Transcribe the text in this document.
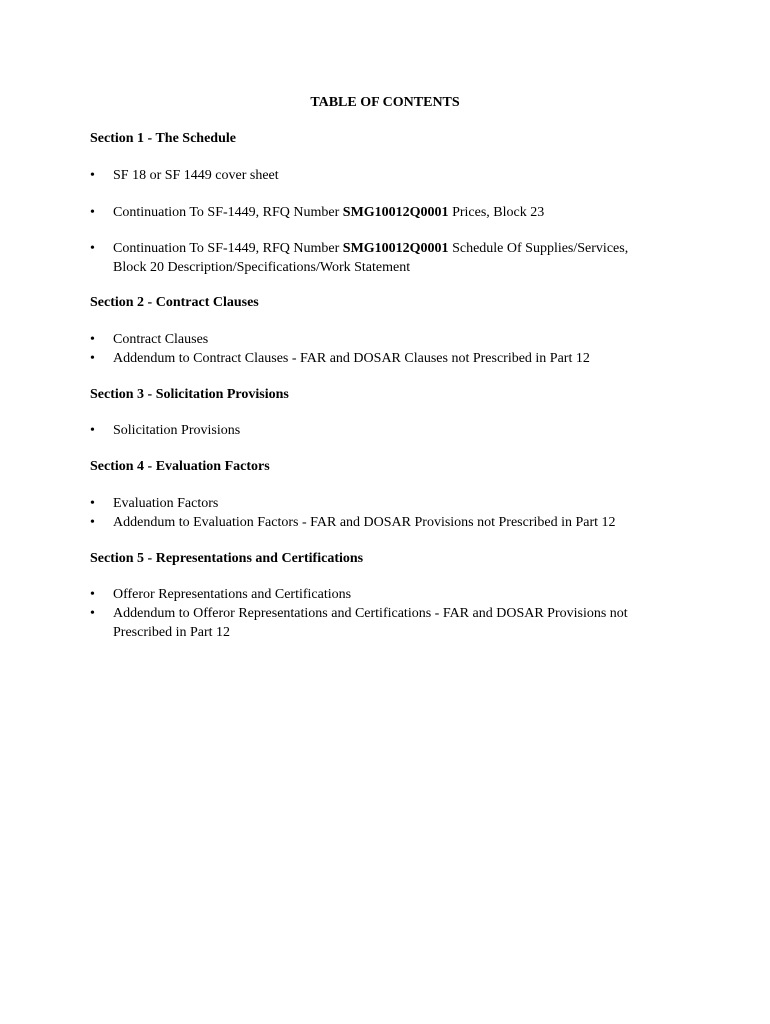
TABLE OF CONTENTS
Section 1 - The Schedule
•	SF 18 or SF 1449 cover sheet
•	Continuation To SF-1449, RFQ Number SMG10012Q0001 Prices, Block 23
•	Continuation To SF-1449, RFQ Number SMG10012Q0001 Schedule Of Supplies/Services,
Block 20 Description/Specifications/Work Statement
Section 2 - Contract Clauses
•	Contract Clauses
•	Addendum to Contract Clauses - FAR and DOSAR Clauses not Prescribed in Part 12
Section 3 - Solicitation Provisions
•	Solicitation Provisions
Section 4 - Evaluation Factors
•	Evaluation Factors
•	Addendum to Evaluation Factors - FAR and DOSAR Provisions not Prescribed in Part 12
Section 5 - Representations and Certifications
•	Offeror Representations and Certifications
•	Addendum to Offeror Representations and Certifications - FAR and DOSAR Provisions not
Prescribed in Part 12
